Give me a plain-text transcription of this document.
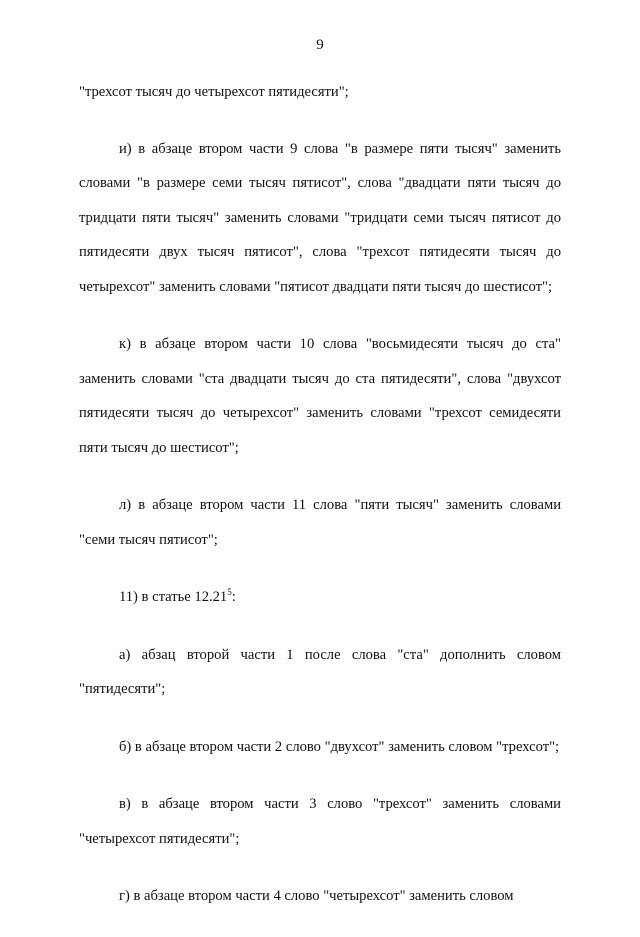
9

"трехсот тысяч до четырехсот пятидесяти";

и) в абзаце втором части 9 слова "в размере пяти тысяч" заменить словами "в размере семи тысяч пятисот", слова "двадцати пяти тысяч до тридцати пяти тысяч" заменить словами "тридцати семи тысяч пятисот до пятидесяти двух тысяч пятисот", слова "трехсот пятидесяти тысяч до четырехсот" заменить словами "пятисот двадцати пяти тысяч до шестисот";

к) в абзаце втором части 10 слова "восьмидесяти тысяч до ста" заменить словами "ста двадцати тысяч до ста пятидесяти", слова "двухсот пятидесяти тысяч до четырехсот" заменить словами "трехсот семидесяти пяти тысяч до шестисот";

л) в абзаце втором части 11 слова "пяти тысяч" заменить словами "семи тысяч пятисот";

11) в статье 12.21$^5$:

а) абзац второй части 1 после слова "ста" дополнить словом "пятидесяти";

б) в абзаце втором части 2 слово "двухсот" заменить словом "трехсот";

в) в абзаце втором части 3 слово "трехсот" заменить словами "четырехсот пятидесяти";

г) в абзаце втором части 4 слово "четырехсот" заменить словом
